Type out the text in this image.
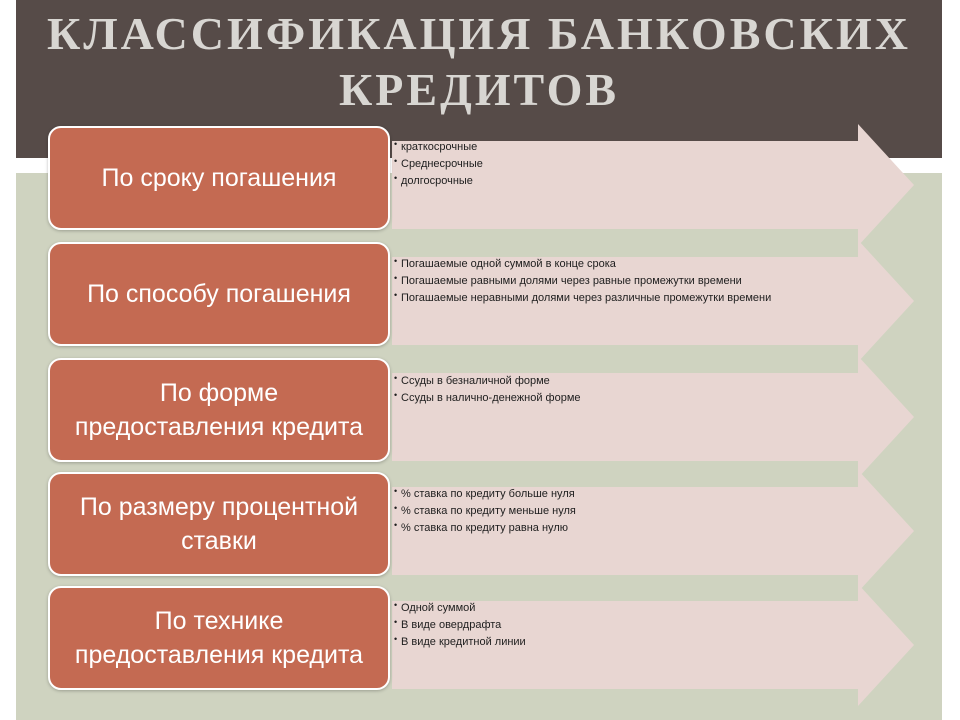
КЛАССИФИКАЦИЯ БАНКОВСКИХ КРЕДИТОВ
По сроку погашения
• краткосрочные
• Среднесрочные
• долгосрочные
По способу погашения
• Погашаемые одной суммой в конце срока
• Погашаемые равными долями через равные промежутки времени
• Погашаемые неравными долями через различные промежутки времени
По форме предоставления кредита
• Ссуды в безналичной форме
• Ссуды в налично-денежной форме
По размеру процентной ставки
• % ставка по кредиту больше нуля
• % ставка по кредиту меньше нуля
• % ставка по кредиту равна нулю
По технике предоставления кредита
• Одной суммой
• В виде овердрафта
• В виде кредитной линии
